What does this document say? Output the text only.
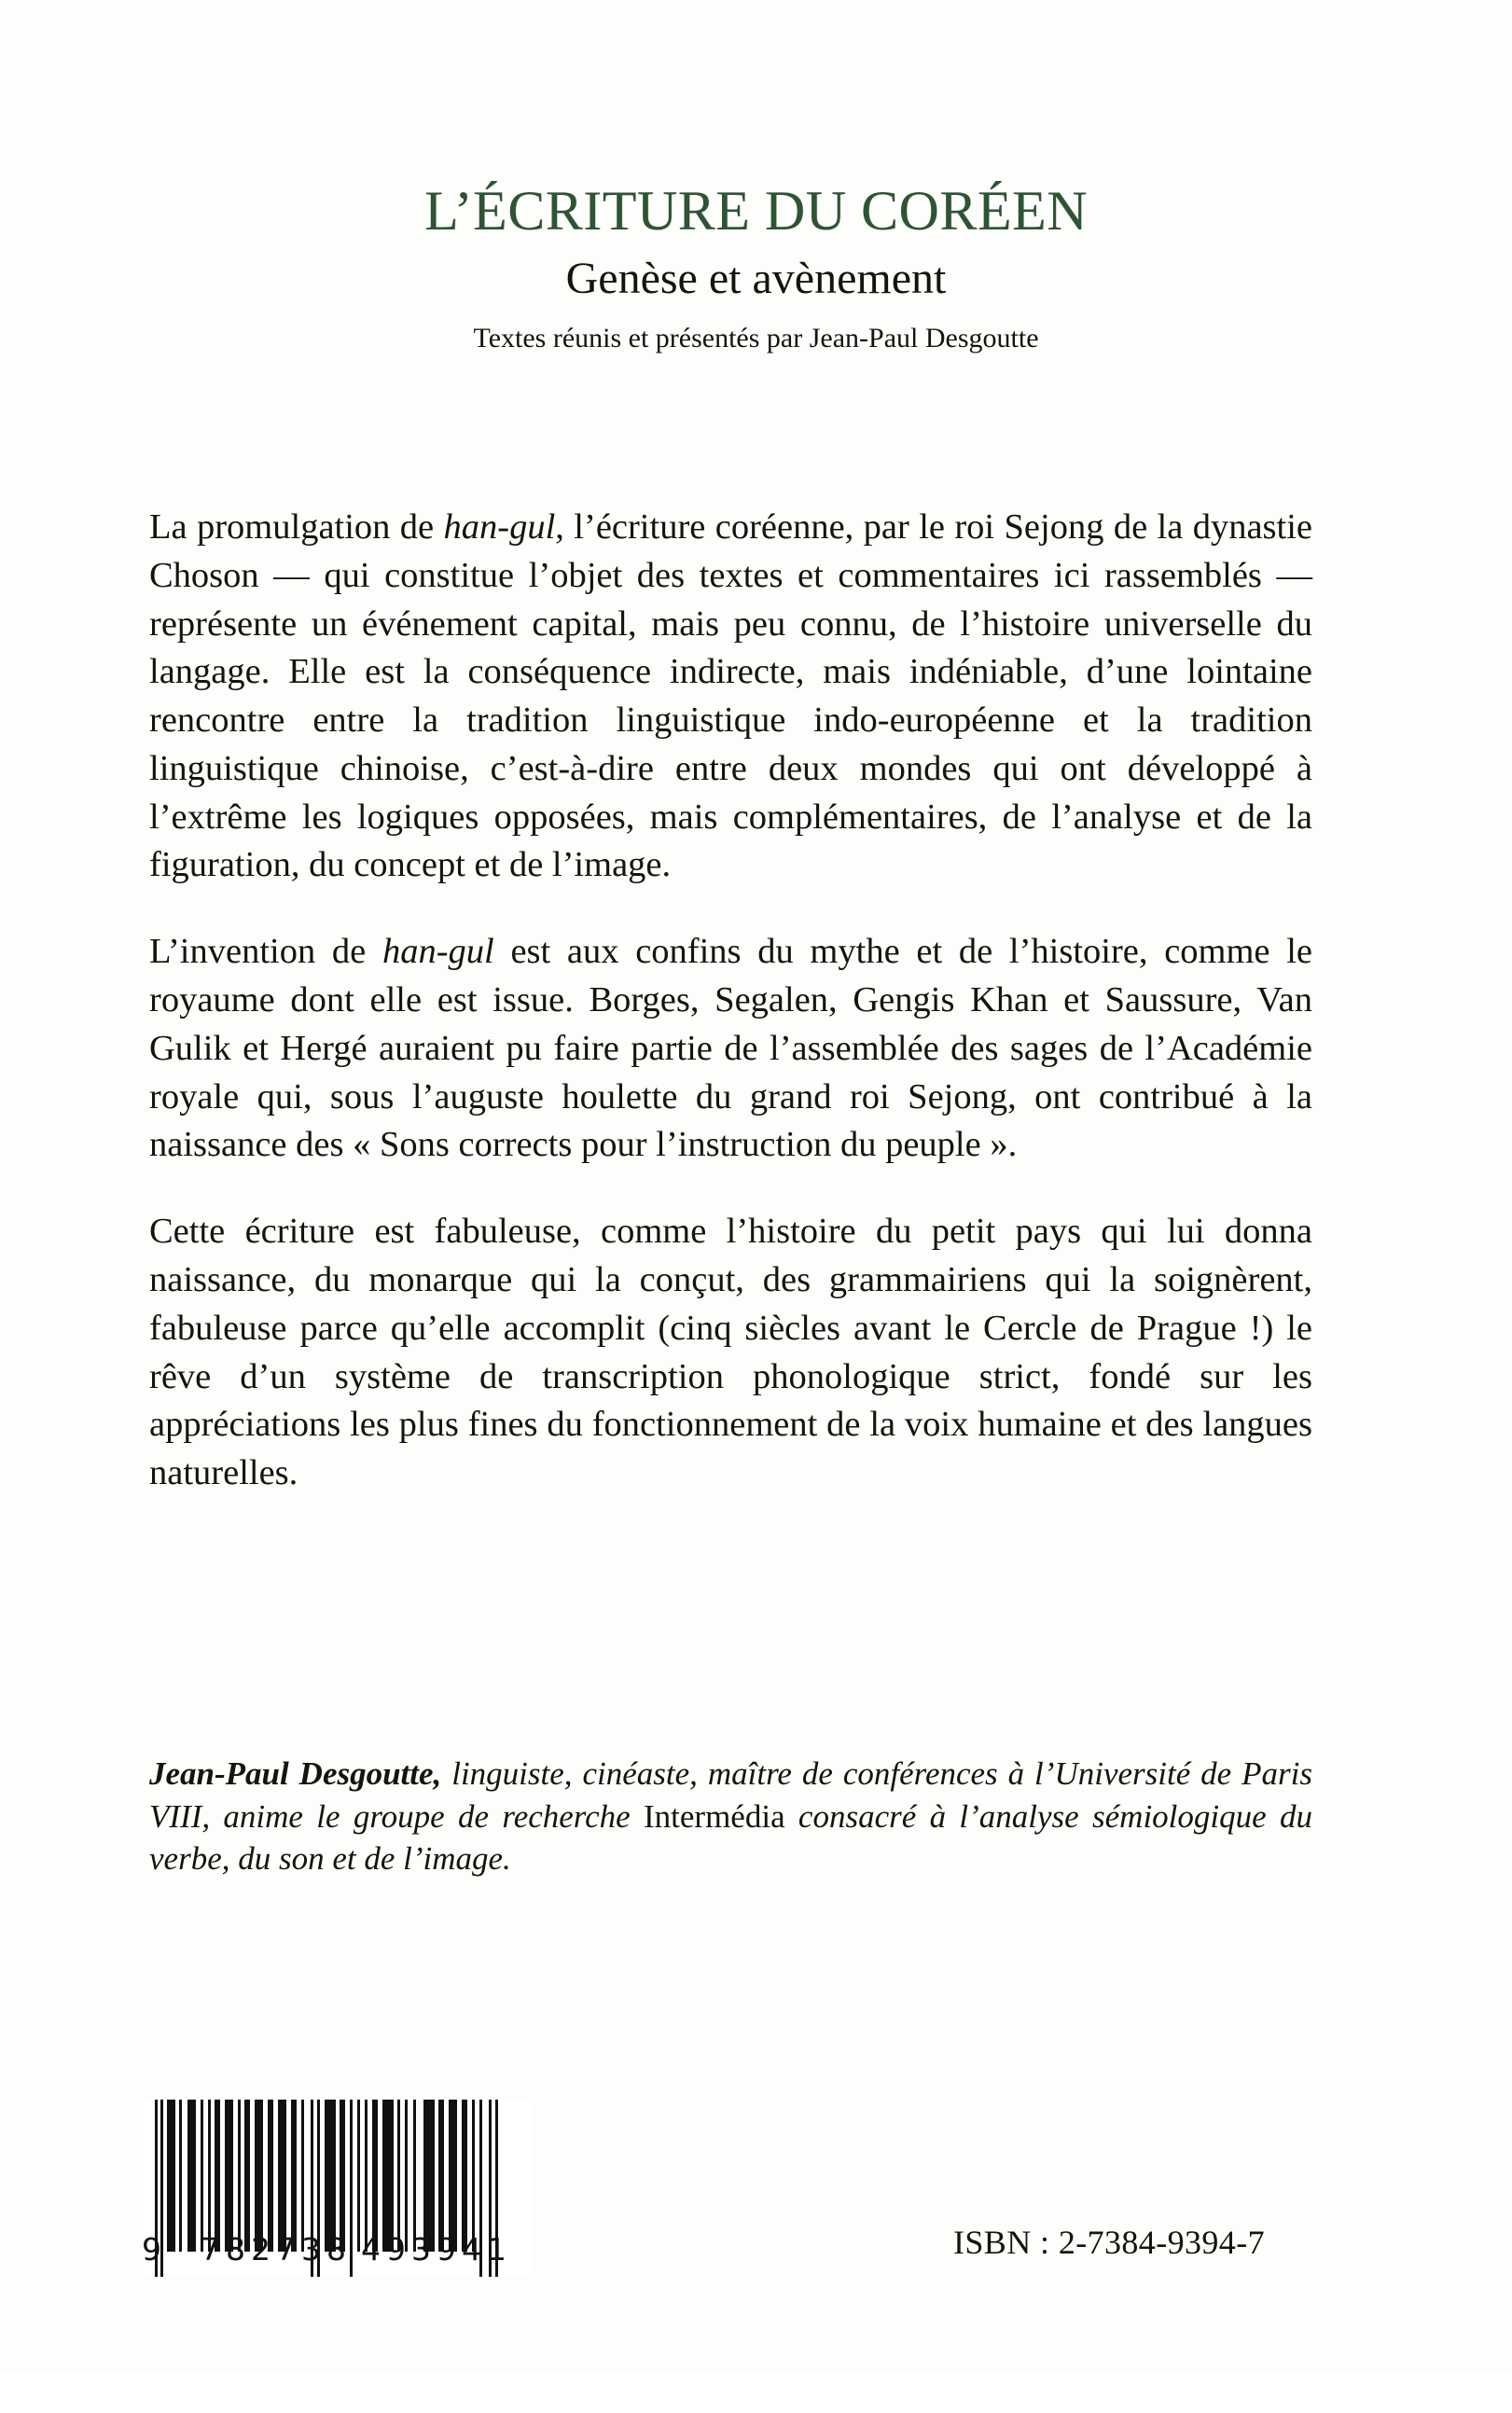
L’ÉCRITURE DU CORÉEN
Genèse et avènement
Textes réunis et présentés par Jean-Paul Desgoutte

La promulgation de han-gul, l’écriture coréenne, par le roi Sejong de la dynastie Choson — qui constitue l’objet des textes et commentaires ici rassemblés — représente un événement capital, mais peu connu, de l’histoire universelle du langage. Elle est la conséquence indirecte, mais indéniable, d’une lointaine rencontre entre la tradition linguistique indo-européenne et la tradition linguistique chinoise, c’est-à-dire entre deux mondes qui ont développé à l’extrême les logiques opposées, mais complémentaires, de l’analyse et de la figuration, du concept et de l’image.

L’invention de han-gul est aux confins du mythe et de l’histoire, comme le royaume dont elle est issue. Borges, Segalen, Gengis Khan et Saussure, Van Gulik et Hergé auraient pu faire partie de l’assemblée des sages de l’Académie royale qui, sous l’auguste houlette du grand roi Sejong, ont contribué à la naissance des « Sons corrects pour l’instruction du peuple ».

Cette écriture est fabuleuse, comme l’histoire du petit pays qui lui donna naissance, du monarque qui la conçut, des grammairiens qui la soignèrent, fabuleuse parce qu’elle accomplit (cinq siècles avant le Cercle de Prague !) le rêve d’un système de transcription phonologique strict, fondé sur les appréciations les plus fines du fonctionnement de la voix humaine et des langues naturelles.

Jean-Paul Desgoutte, linguiste, cinéaste, maître de conférences à l’Université de Paris VIII, anime le groupe de recherche Intermédia consacré à l’analyse sémiologique du verbe, du son et de l’image.

9

782738

493941

	ISBN : 2-7384-9394-7
